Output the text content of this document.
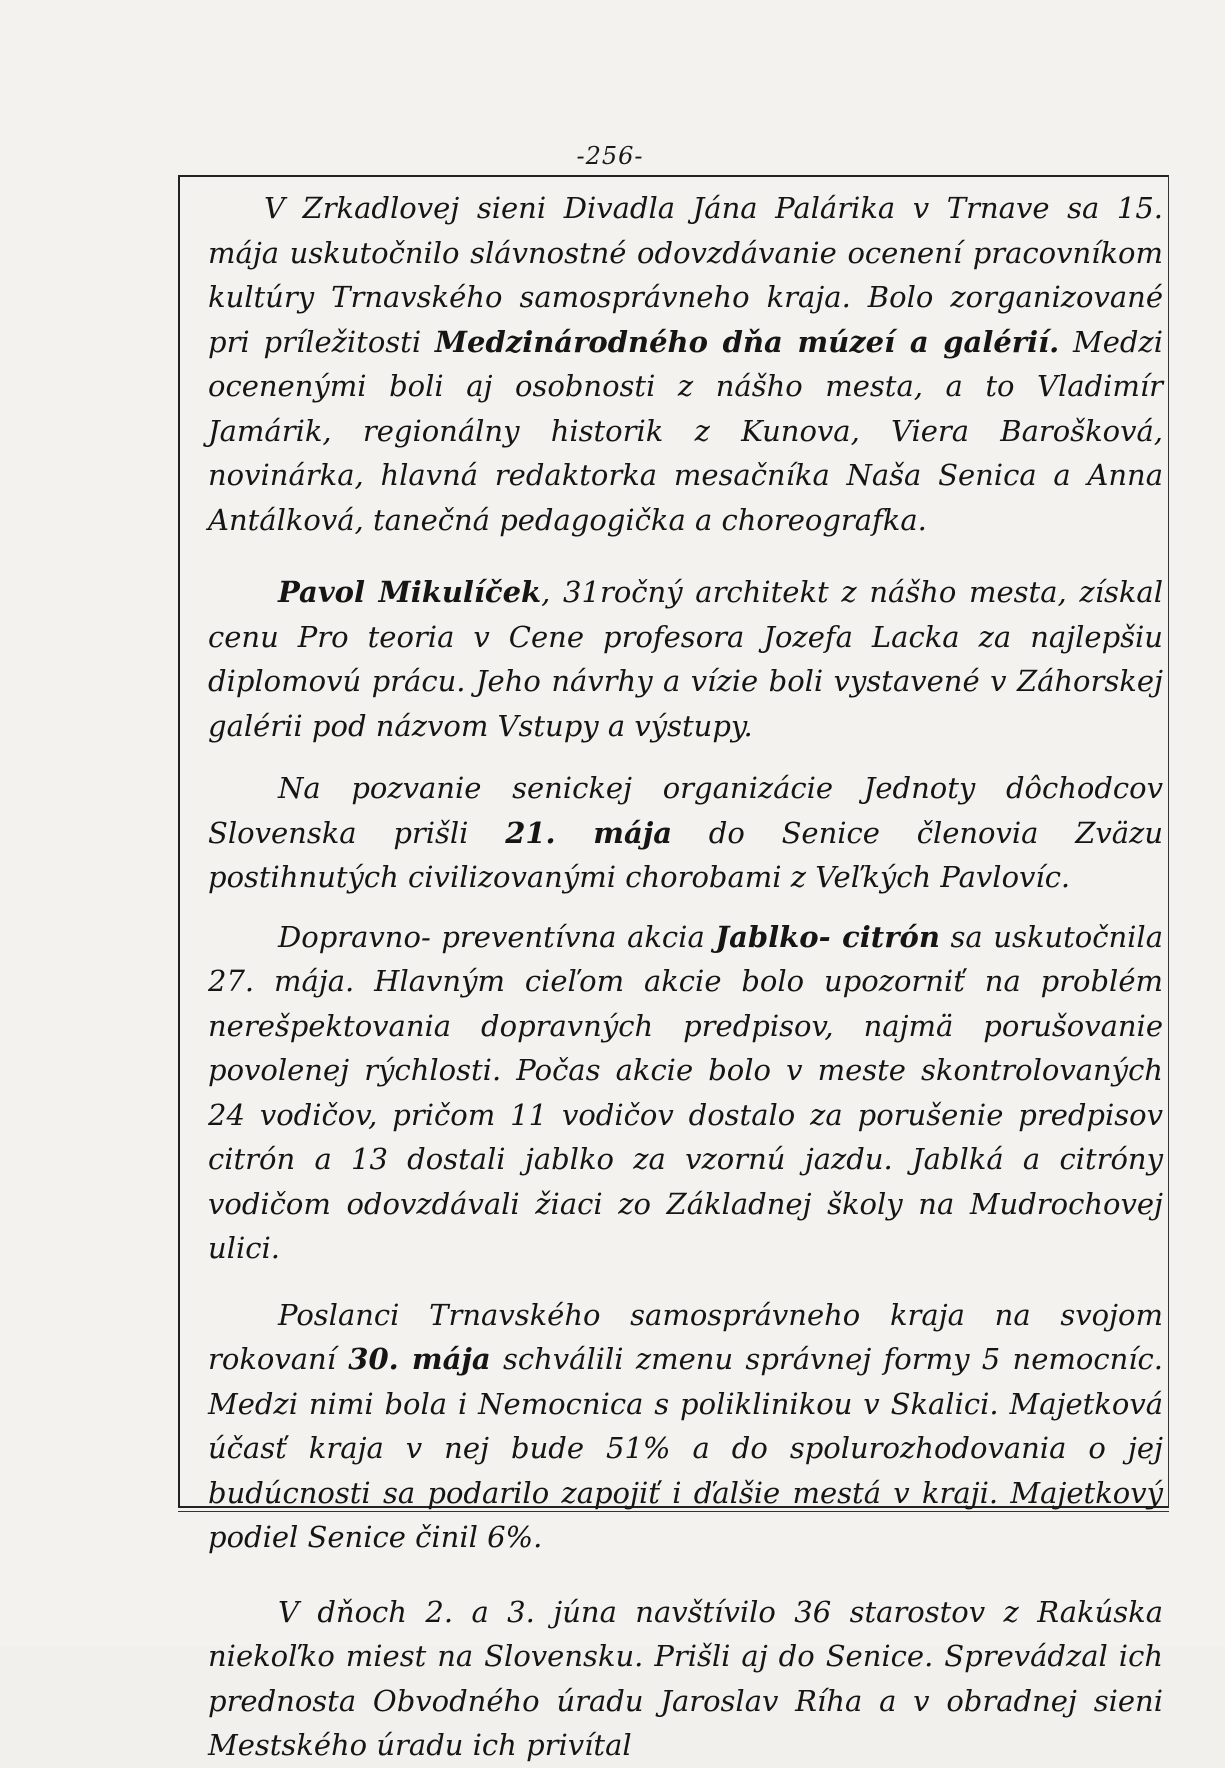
-256-

V Zrkadlovej sieni Divadla Jána Palárika v Trnave sa 15. mája uskutočnilo slávnostné odovzdávanie ocenení pracovníkom kultúry Trnavského samosprávneho kraja. Bolo zorganizované pri príležitosti Medzinárodného dňa múzeí a galérií. Medzi ocenenými boli aj osobnosti z nášho mesta, a to Vladimír Jamárik, regionálny historik z Kunova, Viera Barošková, novinárka, hlavná redaktorka mesačníka Naša Senica a Anna Antálková, tanečná pedagogička a choreografka.

Pavol Mikulíček, 31ročný architekt z nášho mesta, získal cenu Pro teoria v Cene profesora Jozefa Lacka za najlepšiu diplomovú prácu. Jeho návrhy a vízie boli vystavené v Záhorskej galérii pod názvom Vstupy a výstupy.

Na pozvanie senickej organizácie Jednoty dôchodcov Slovenska prišli 21. mája do Senice členovia Zväzu postihnutých civilizovanými chorobami z Veľkých Pavlovíc.

Dopravno- preventívna akcia Jablko- citrón sa uskutočnila 27. mája. Hlavným cieľom akcie bolo upozorniť na problém nerešpektovania dopravných predpisov, najmä porušovanie povolenej rýchlosti. Počas akcie bolo v meste skontrolovaných 24 vodičov, pričom 11 vodičov dostalo za porušenie predpisov citrón a 13 dostali jablko za vzornú jazdu. Jablká a citróny vodičom odovzdávali žiaci zo Základnej školy na Mudrochovej ulici.

Poslanci Trnavského samosprávneho kraja na svojom rokovaní 30. mája schválili zmenu správnej formy 5 nemocníc. Medzi nimi bola i Nemocnica s poliklinikou v Skalici. Majetková účasť kraja v nej bude 51% a do spolurozhodovania o jej budúcnosti sa podarilo zapojiť i ďalšie mestá v kraji. Majetkový podiel Senice činil 6%.

V dňoch 2. a 3. júna navštívilo 36 starostov z Rakúska niekoľko miest na Slovensku. Prišli aj do Senice. Sprevádzal ich prednosta Obvodného úradu Jaroslav Ríha a v obradnej sieni Mestského úradu ich privítal
